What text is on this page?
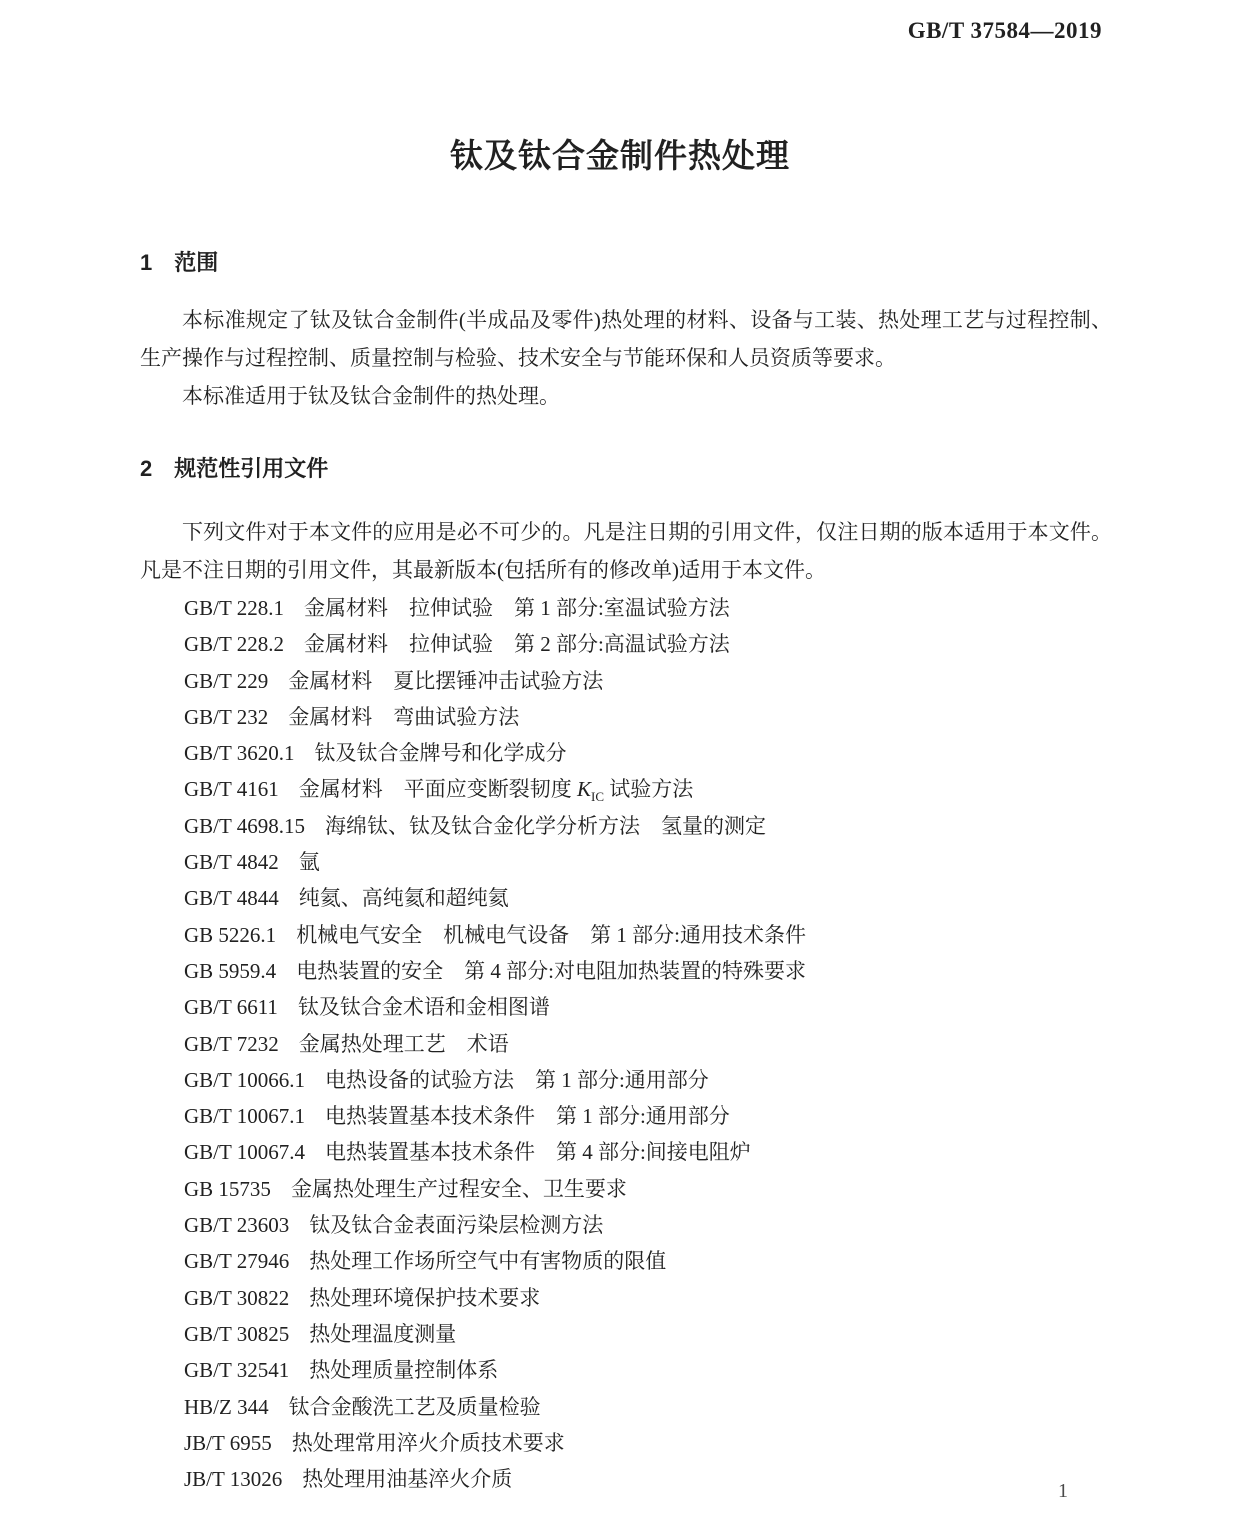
GB/T 37584—2019
钛及钛合金制件热处理
1 范围

本标准规定了钛及钛合金制件(半成品及零件)热处理的材料、设备与工装、热处理工艺与过程控制、生产操作与过程控制、质量控制与检验、技术安全与节能环保和人员资质等要求。

本标准适用于钛及钛合金制件的热处理。

2 规范性引用文件

下列文件对于本文件的应用是必不可少的。凡是注日期的引用文件，仅注日期的版本适用于本文件。凡是不注日期的引用文件，其最新版本(包括所有的修改单)适用于本文件。

GB/T 228.1 金属材料　拉伸试验　第 1 部分:室温试验方法
GB/T 228.2 金属材料　拉伸试验　第 2 部分:高温试验方法
GB/T 229 金属材料　夏比摆锤冲击试验方法
GB/T 232 金属材料　弯曲试验方法
GB/T 3620.1 钛及钛合金牌号和化学成分
GB/T 4161 金属材料　平面应变断裂韧度 $K_{IC}$ 试验方法
GB/T 4698.15 海绵钛、钛及钛合金化学分析方法　氢量的测定
GB/T 4842 氩
GB/T 4844 纯氦、高纯氦和超纯氦
GB 5226.1 机械电气安全　机械电气设备　第 1 部分:通用技术条件
GB 5959.4 电热装置的安全　第 4 部分:对电阻加热装置的特殊要求
GB/T 6611 钛及钛合金术语和金相图谱
GB/T 7232 金属热处理工艺　术语
GB/T 10066.1 电热设备的试验方法　第 1 部分:通用部分
GB/T 10067.1 电热装置基本技术条件　第 1 部分:通用部分
GB/T 10067.4 电热装置基本技术条件　第 4 部分:间接电阻炉
GB 15735 金属热处理生产过程安全、卫生要求
GB/T 23603 钛及钛合金表面污染层检测方法
GB/T 27946 热处理工作场所空气中有害物质的限值
GB/T 30822 热处理环境保护技术要求
GB/T 30825 热处理温度测量
GB/T 32541 热处理质量控制体系
HB/Z 344 钛合金酸洗工艺及质量检验
JB/T 6955 热处理常用淬火介质技术要求
JB/T 13026 热处理用油基淬火介质	1
